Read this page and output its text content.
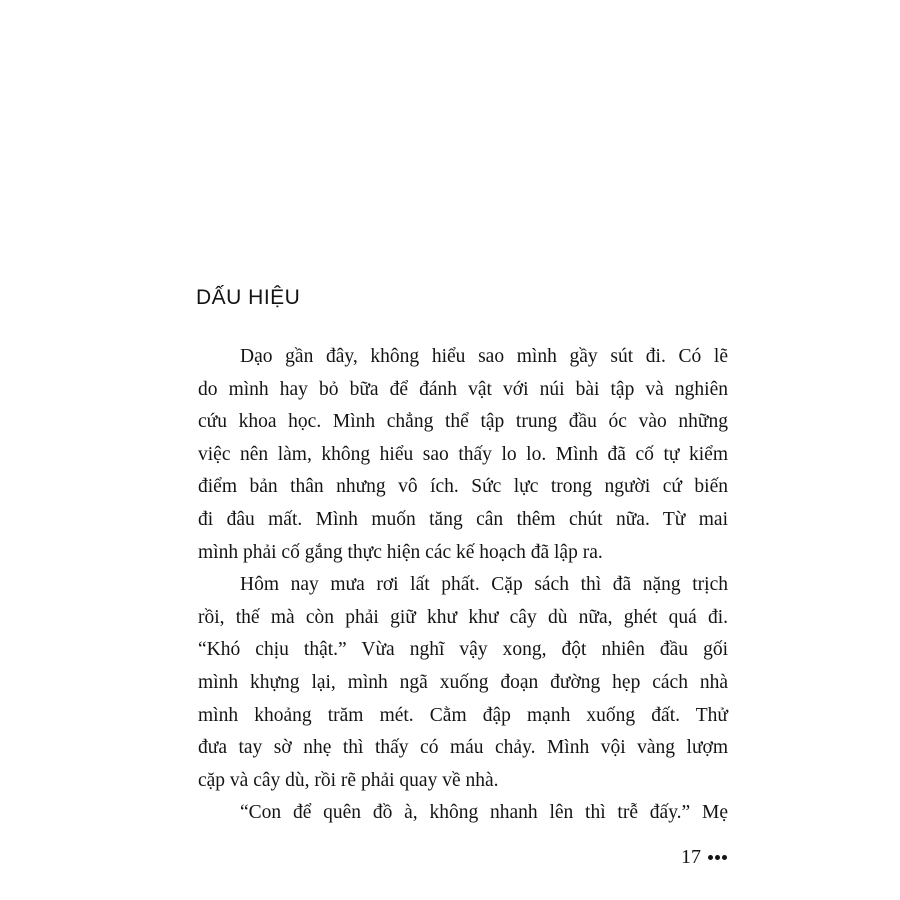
DẤU HIỆU
Dạo gần đây, không hiểu sao mình gầy sút đi. Có lẽ
do mình hay bỏ bữa để đánh vật với núi bài tập và nghiên
cứu khoa học. Mình chẳng thể tập trung đầu óc vào những
việc nên làm, không hiểu sao thấy lo lo. Mình đã cố tự kiểm
điểm bản thân nhưng vô ích. Sức lực trong người cứ biến
đi đâu mất. Mình muốn tăng cân thêm chút nữa. Từ mai
mình phải cố gắng thực hiện các kế hoạch đã lập ra.
Hôm nay mưa rơi lất phất. Cặp sách thì đã nặng trịch
rồi, thế mà còn phải giữ khư khư cây dù nữa, ghét quá đi.
“Khó chịu thật.” Vừa nghĩ vậy xong, đột nhiên đầu gối
mình khựng lại, mình ngã xuống đoạn đường hẹp cách nhà
mình khoảng trăm mét. Cằm đập mạnh xuống đất. Thử
đưa tay sờ nhẹ thì thấy có máu chảy. Mình vội vàng lượm
cặp và cây dù, rồi rẽ phải quay về nhà.
“Con để quên đồ à, không nhanh lên thì trễ đấy.” Mẹ
17
